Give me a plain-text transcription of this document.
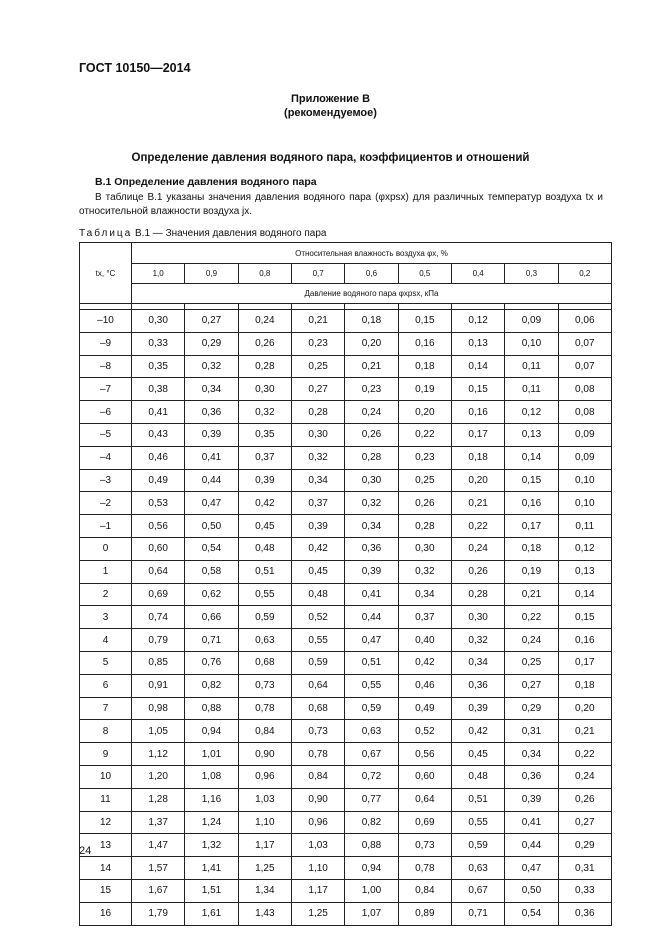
ГОСТ 10150—2014
Приложение В
(рекомендуемое)
Определение давления водяного пара, коэффициентов и отношений
В.1 Определение давления водяного пара
В таблице В.1 указаны значения давления водяного пара (φxpsx) для различных температур воздуха tx и относительной влажности воздуха jx.
Таблица В.1 — Значения давления водяного пара
tx, °С	Относительная влажность воздуха φx, %								
	1,0	0,9	0,8	0,7	0,6	0,5	0,4	0,3	0,2
	Давление водяного пара φxpsx, кПа								

–10	0,30	0,27	0,24	0,21	0,18	0,15	0,12	0,09	0,06
–9	0,33	0,29	0,26	0,23	0,20	0,16	0,13	0,10	0,07
–8	0,35	0,32	0,28	0,25	0,21	0,18	0,14	0,11	0,07
–7	0,38	0,34	0,30	0,27	0,23	0,19	0,15	0,11	0,08
–6	0,41	0,36	0,32	0,28	0,24	0,20	0,16	0,12	0,08
–5	0,43	0,39	0,35	0,30	0,26	0,22	0,17	0,13	0,09
–4	0,46	0,41	0,37	0,32	0,28	0,23	0,18	0,14	0,09
–3	0,49	0,44	0,39	0,34	0,30	0,25	0,20	0,15	0,10
–2	0,53	0,47	0,42	0,37	0,32	0,26	0,21	0,16	0,10
–1	0,56	0,50	0,45	0,39	0,34	0,28	0,22	0,17	0,11
0	0,60	0,54	0,48	0,42	0,36	0,30	0,24	0,18	0,12
1	0,64	0,58	0,51	0,45	0,39	0,32	0,26	0,19	0,13
2	0,69	0,62	0,55	0,48	0,41	0,34	0,28	0,21	0,14
3	0,74	0,66	0,59	0,52	0,44	0,37	0,30	0,22	0,15
4	0,79	0,71	0,63	0,55	0,47	0,40	0,32	0,24	0,16
5	0,85	0,76	0,68	0,59	0,51	0,42	0,34	0,25	0,17
6	0,91	0,82	0,73	0,64	0,55	0,46	0,36	0,27	0,18
7	0,98	0,88	0,78	0,68	0,59	0,49	0,39	0,29	0,20
8	1,05	0,94	0,84	0,73	0,63	0,52	0,42	0,31	0,21
9	1,12	1,01	0,90	0,78	0,67	0,56	0,45	0,34	0,22
10	1,20	1,08	0,96	0,84	0,72	0,60	0,48	0,36	0,24
11	1,28	1,16	1,03	0,90	0,77	0,64	0,51	0,39	0,26
12	1,37	1,24	1,10	0,96	0,82	0,69	0,55	0,41	0,27
13	1,47	1,32	1,17	1,03	0,88	0,73	0,59	0,44	0,29
14	1,57	1,41	1,25	1,10	0,94	0,78	0,63	0,47	0,31
15	1,67	1,51	1,34	1,17	1,00	0,84	0,67	0,50	0,33
16	1,79	1,61	1,43	1,25	1,07	0,89	0,71	0,54	0,36
24
